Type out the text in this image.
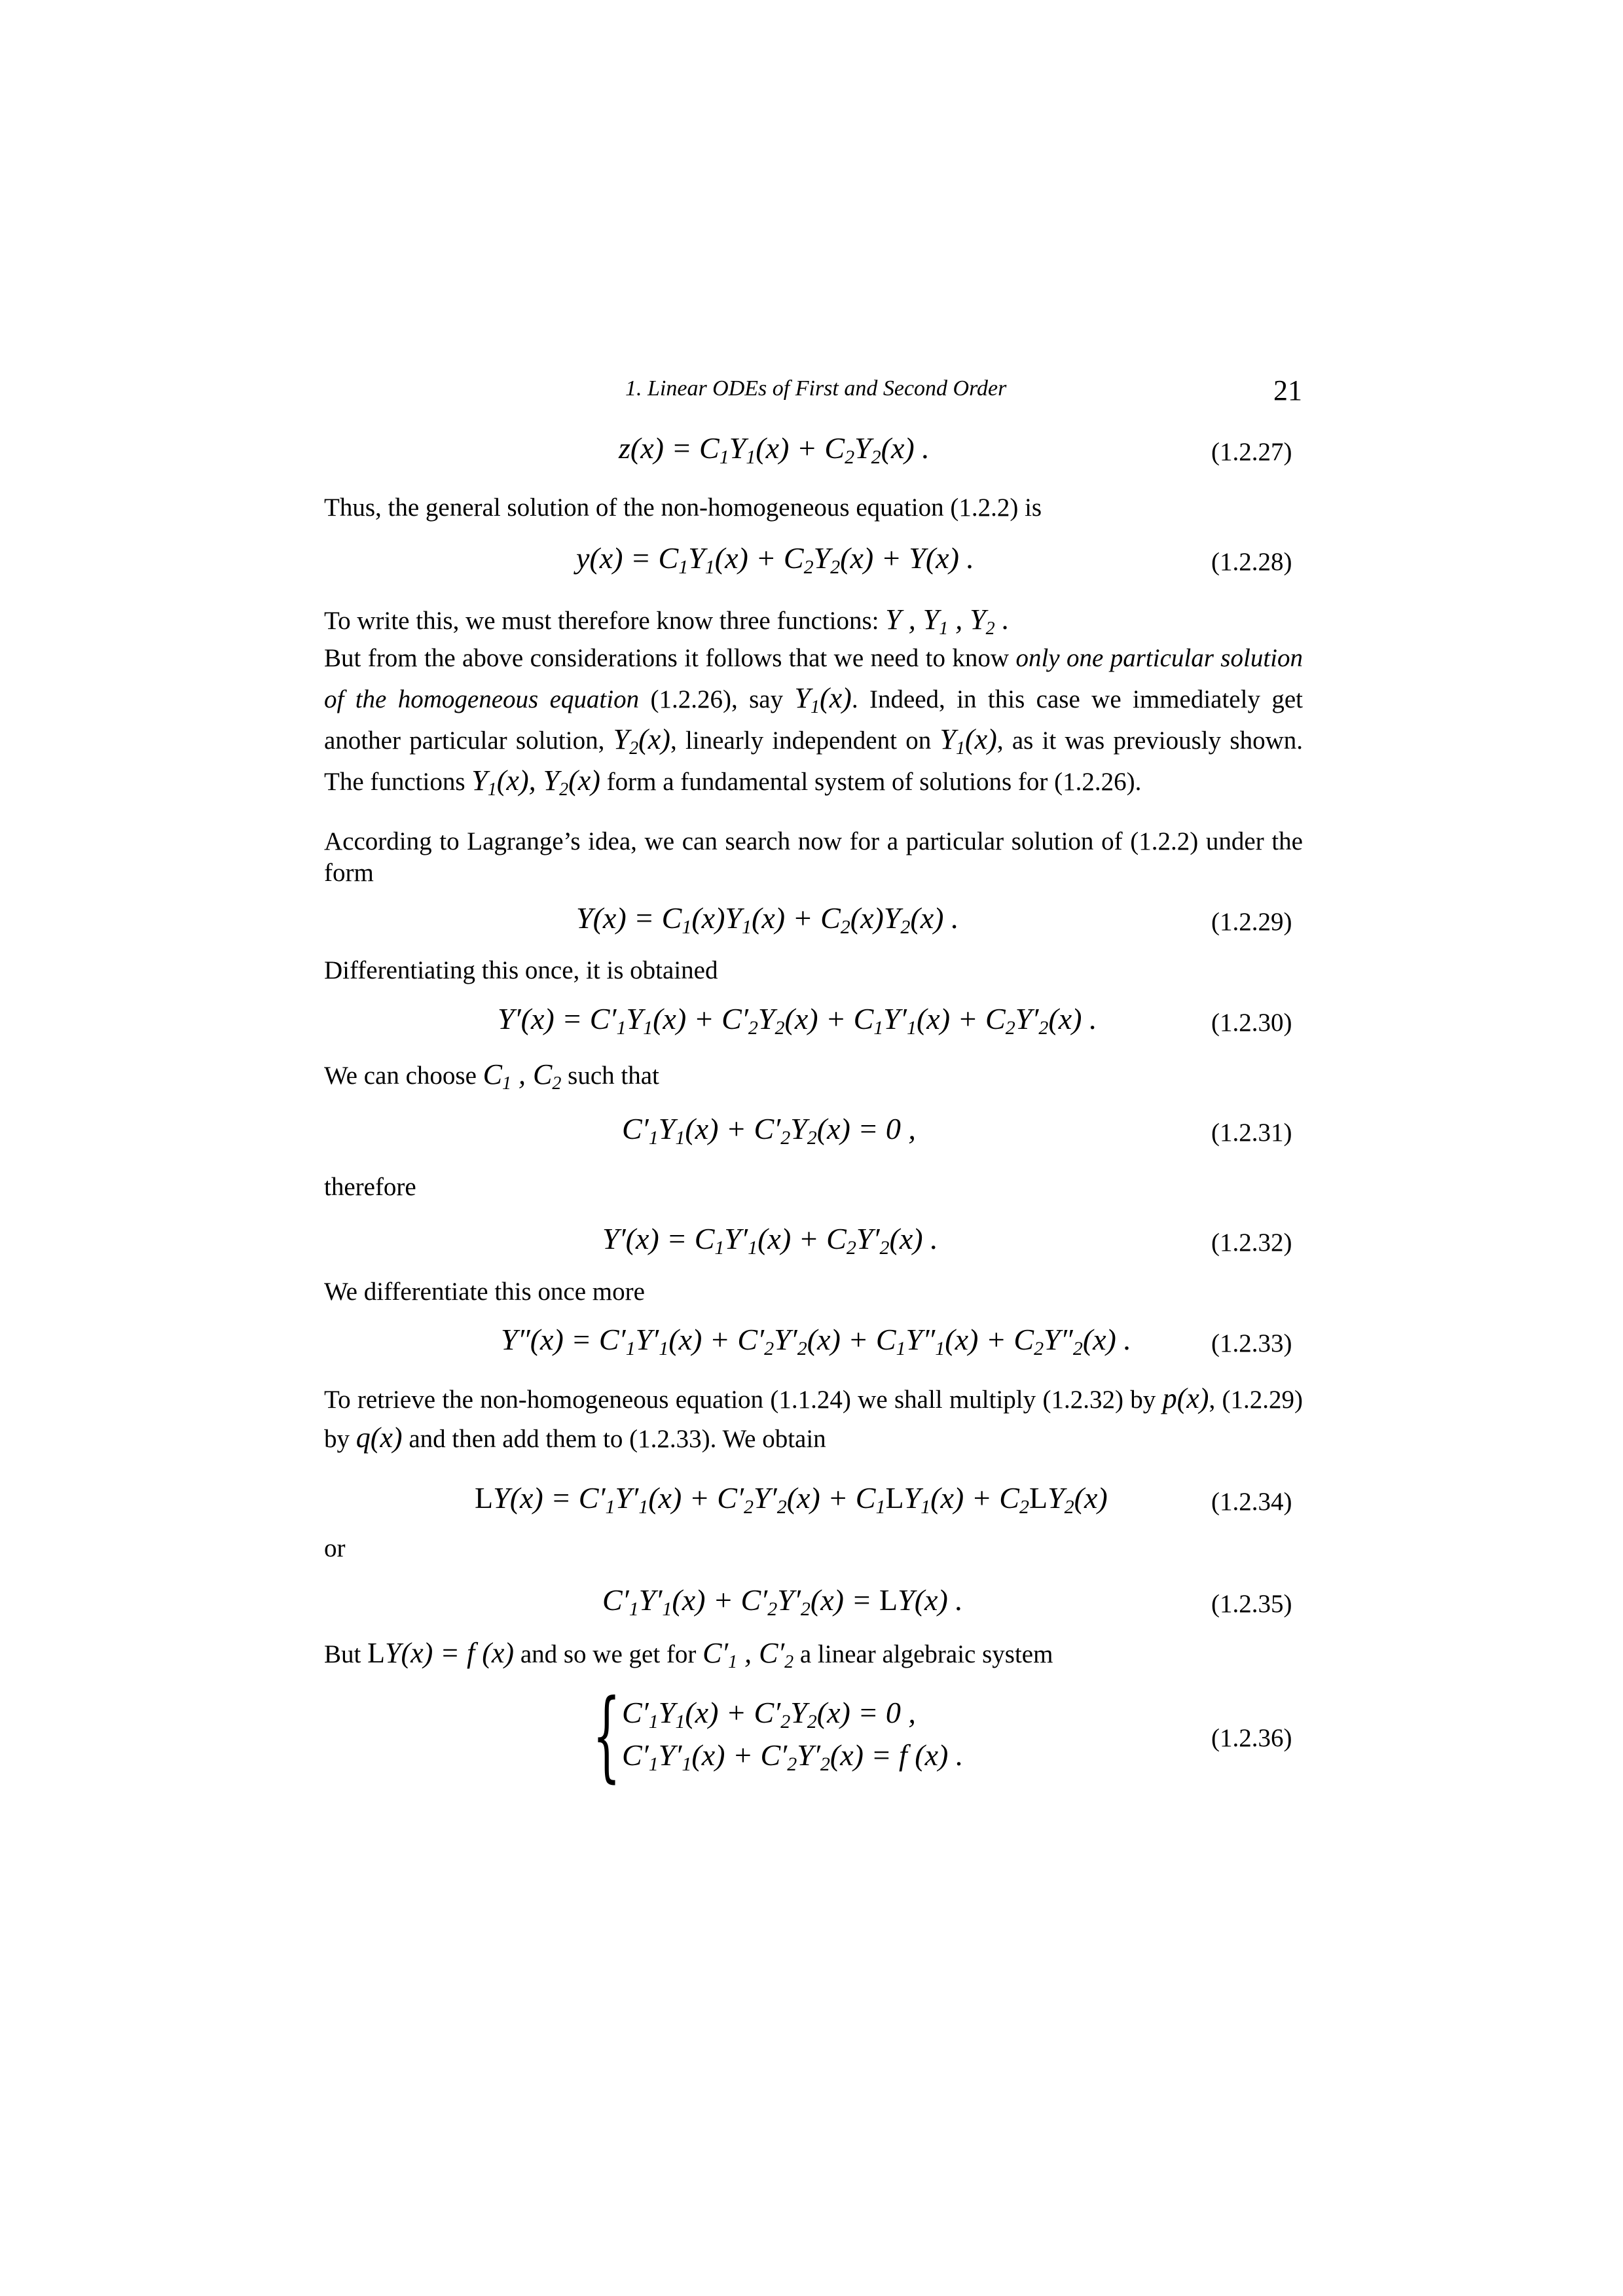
1. Linear ODEs of First and Second Order	21
$z(x) = C_1Y_1(x) + C_2Y_2(x)$ .	(1.2.27)
Thus, the general solution of the non-homogeneous equation (1.2.2) is
$y(x) = C_1Y_1(x) + C_2Y_2(x) + Y(x)$ .	(1.2.28)
To write this, we must therefore know three functions: Y , $Y_1$ , $Y_2$ .
But from the above considerations it follows that we need to know only one particular solution of the homogeneous equation (1.2.26), say $Y_1(x)$. Indeed, in this case we immediately get another particular solution, $Y_2(x)$, linearly independent on $Y_1(x)$, as it was previously shown. The functions $Y_1(x)$, $Y_2(x)$ form a fundamental system of solutions for (1.2.26).
According to Lagrange’s idea, we can search now for a particular solution of (1.2.2) under the form
$Y(x) = C_1(x)Y_1(x) + C_2(x)Y_2(x)$ .	(1.2.29)
Differentiating this once, it is obtained
$Y'(x) = C'_1Y_1(x) + C'_2Y_2(x) + C_1Y'_1(x) + C_2Y'_2(x)$ .	(1.2.30)
We can choose $C_1$ , $C_2$ such that
$C'_1Y_1(x) + C'_2Y_2(x) = 0$ ,	(1.2.31)
therefore
$Y'(x) = C_1Y'_1(x) + C_2Y'_2(x)$ .	(1.2.32)
We differentiate this once more
$Y''(x) = C'_1Y'_1(x) + C'_2Y'_2(x) + C_1Y''_1(x) + C_2Y''_2(x)$ .	(1.2.33)
To retrieve the non-homogeneous equation (1.1.24) we shall multiply (1.2.32) by p(x), (1.2.29) by q(x) and then add them to (1.2.33). We obtain
$LY(x) = C'_1Y'_1(x) + C'_2Y'_2(x) + C_1LY_1(x) + C_2LY_2(x)$	(1.2.34)
or
$C'_1Y'_1(x) + C'_2Y'_2(x) = LY(x)$ .	(1.2.35)
But LY(x) = f (x) and so we get for $C'_1$ , $C'_2$ a linear algebraic system
{ $C'_1Y_1(x) + C'_2Y_2(x) = 0$ ,
$C'_1Y'_1(x) + C'_2Y'_2(x) = f$ (x) .
(1.2.36)
